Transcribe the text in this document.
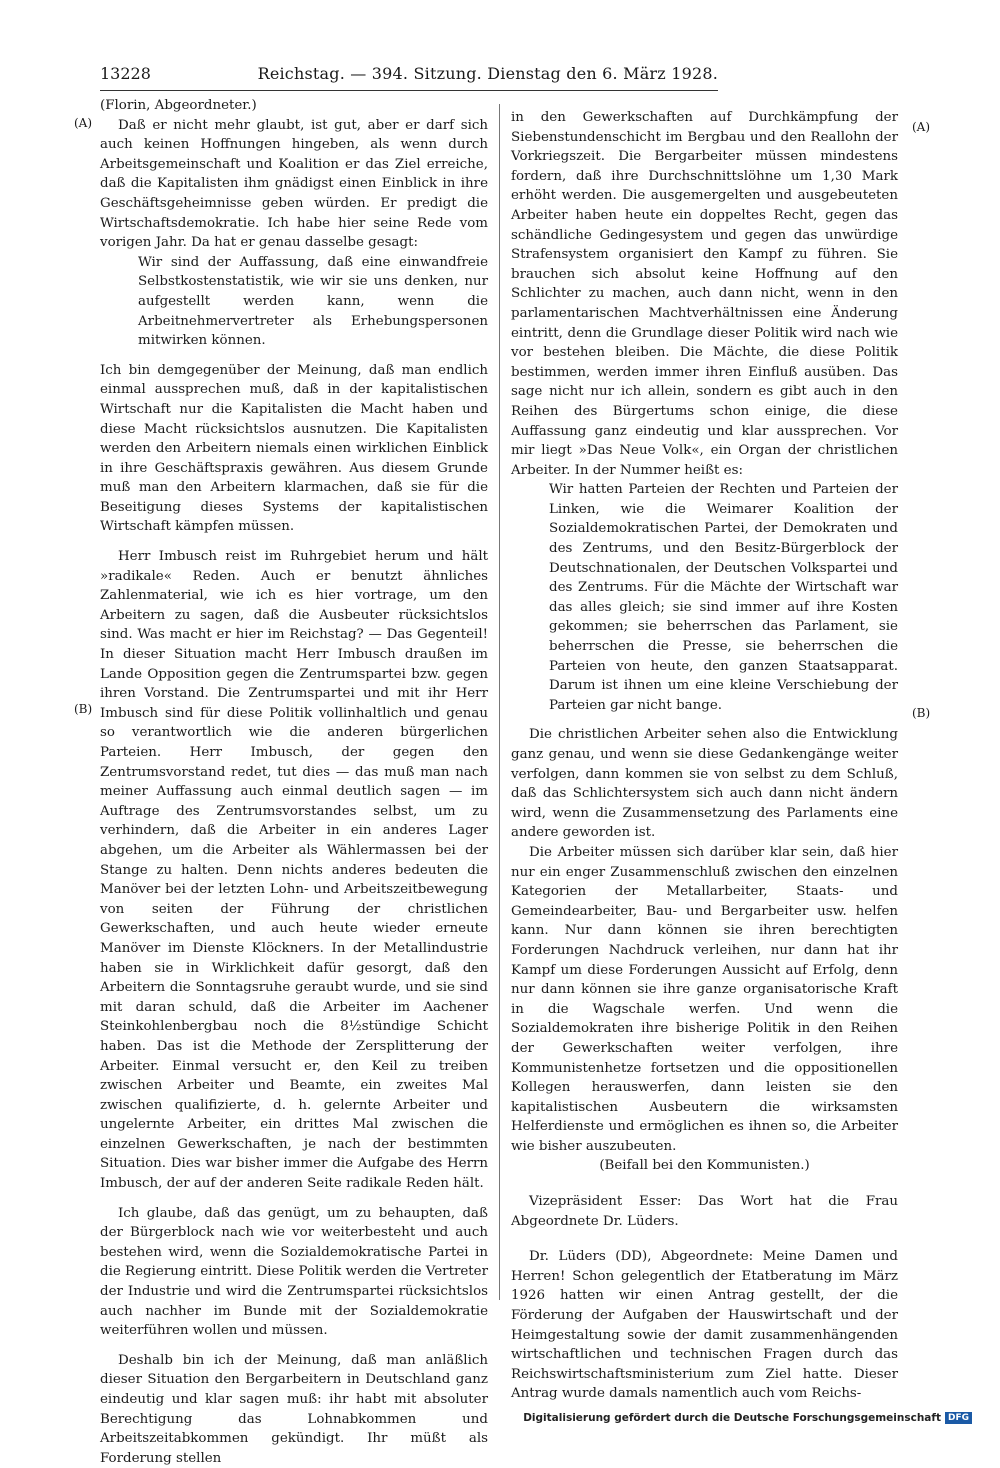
13228	Reichstag. — 394. Sitzung. Dienstag den 6. März 1928.
(A)	(A)
(B)	(B)

(Florin, Abgeordneter.)

Daß er nicht mehr glaubt, ist gut, aber er darf sich auch keinen Hoffnungen hingeben, als wenn durch Arbeitsgemeinschaft und Koalition er das Ziel erreiche, daß die Kapitalisten ihm gnädigst einen Einblick in ihre Geschäftsgeheimnisse geben würden. Er predigt die Wirtschaftsdemokratie. Ich habe hier seine Rede vom vorigen Jahr. Da hat er genau dasselbe gesagt:

Wir sind der Auffassung, daß eine einwandfreie Selbstkostenstatistik, wie wir sie uns denken, nur aufgestellt werden kann, wenn die Arbeitnehmervertreter als Erhebungspersonen mitwirken können.

Ich bin demgegenüber der Meinung, daß man endlich einmal aussprechen muß, daß in der kapitalistischen Wirtschaft nur die Kapitalisten die Macht haben und diese Macht rücksichtslos ausnutzen. Die Kapitalisten werden den Arbeitern niemals einen wirklichen Einblick in ihre Geschäftspraxis gewähren. Aus diesem Grunde muß man den Arbeitern klarmachen, daß sie für die Beseitigung dieses Systems der kapitalistischen Wirtschaft kämpfen müssen.

Herr Imbusch reist im Ruhrgebiet herum und hält »radikale« Reden. Auch er benutzt ähnliches Zahlenmaterial, wie ich es hier vortrage, um den Arbeitern zu sagen, daß die Ausbeuter rücksichtslos sind. Was macht er hier im Reichstag? — Das Gegenteil! In dieser Situation macht Herr Imbusch draußen im Lande Opposition gegen die Zentrumspartei bzw. gegen ihren Vorstand. Die Zentrumspartei und mit ihr Herr Imbusch sind für diese Politik vollinhaltlich und genau so verantwortlich wie die anderen bürgerlichen Parteien. Herr Imbusch, der gegen den Zentrumsvorstand redet, tut dies — das muß man nach meiner Auffassung auch einmal deutlich sagen — im Auftrage des Zentrumsvorstandes selbst, um zu verhindern, daß die Arbeiter in ein anderes Lager abgehen, um die Arbeiter als Wählermassen bei der Stange zu halten. Denn nichts anderes bedeuten die Manöver bei der letzten Lohn- und Arbeitszeitbewegung von seiten der Führung der christlichen Gewerkschaften, und auch heute wieder erneute Manöver im Dienste Klöckners. In der Metallindustrie haben sie in Wirklichkeit dafür gesorgt, daß den Arbeitern die Sonntagsruhe geraubt wurde, und sie sind mit daran schuld, daß die Arbeiter im Aachener Steinkohlenbergbau noch die 8½stündige Schicht haben. Das ist die Methode der Zersplitterung der Arbeiter. Einmal versucht er, den Keil zu treiben zwischen Arbeiter und Beamte, ein zweites Mal zwischen qualifizierte, d. h. gelernte Arbeiter und ungelernte Arbeiter, ein drittes Mal zwischen die einzelnen Gewerkschaften, je nach der bestimmten Situation. Dies war bisher immer die Aufgabe des Herrn Imbusch, der auf der anderen Seite radikale Reden hält.

Ich glaube, daß das genügt, um zu behaupten, daß der Bürgerblock nach wie vor weiterbesteht und auch bestehen wird, wenn die Sozialdemokratische Partei in die Regierung eintritt. Diese Politik werden die Vertreter der Industrie und wird die Zentrumspartei rücksichtslos auch nachher im Bunde mit der Sozialdemokratie weiterführen wollen und müssen.

Deshalb bin ich der Meinung, daß man anläßlich dieser Situation den Bergarbeitern in Deutschland ganz eindeutig und klar sagen muß: ihr habt mit absoluter Berechtigung das Lohnabkommen und Arbeitszeitabkommen gekündigt. Ihr müßt als Forderung stellen

in den Gewerkschaften auf Durchkämpfung der Siebenstundenschicht im Bergbau und den Reallohn der Vorkriegszeit. Die Bergarbeiter müssen mindestens fordern, daß ihre Durchschnittslöhne um 1,30 Mark erhöht werden. Die ausgemergelten und ausgebeuteten Arbeiter haben heute ein doppeltes Recht, gegen das schändliche Gedingesystem und gegen das unwürdige Strafensystem organisiert den Kampf zu führen. Sie brauchen sich absolut keine Hoffnung auf den Schlichter zu machen, auch dann nicht, wenn in den parlamentarischen Machtverhältnissen eine Änderung eintritt, denn die Grundlage dieser Politik wird nach wie vor bestehen bleiben. Die Mächte, die diese Politik bestimmen, werden immer ihren Einfluß ausüben. Das sage nicht nur ich allein, sondern es gibt auch in den Reihen des Bürgertums schon einige, die diese Auffassung ganz eindeutig und klar aussprechen. Vor mir liegt »Das Neue Volk«, ein Organ der christlichen Arbeiter. In der Nummer heißt es:

Wir hatten Parteien der Rechten und Parteien der Linken, wie die Weimarer Koalition der Sozialdemokratischen Partei, der Demokraten und des Zentrums, und den Besitz-Bürgerblock der Deutschnationalen, der Deutschen Volkspartei und des Zentrums. Für die Mächte der Wirtschaft war das alles gleich; sie sind immer auf ihre Kosten gekommen; sie beherrschen das Parlament, sie beherrschen die Presse, sie beherrschen die Parteien von heute, den ganzen Staatsapparat. Darum ist ihnen um eine kleine Verschiebung der Parteien gar nicht bange.

Die christlichen Arbeiter sehen also die Entwicklung ganz genau, und wenn sie diese Gedankengänge weiter verfolgen, dann kommen sie von selbst zu dem Schluß, daß das Schlichtersystem sich auch dann nicht ändern wird, wenn die Zusammensetzung des Parlaments eine andere geworden ist.

Die Arbeiter müssen sich darüber klar sein, daß hier nur ein enger Zusammenschluß zwischen den einzelnen Kategorien der Metallarbeiter, Staats- und Gemeindearbeiter, Bau- und Bergarbeiter usw. helfen kann. Nur dann können sie ihren berechtigten Forderungen Nachdruck verleihen, nur dann hat ihr Kampf um diese Forderungen Aussicht auf Erfolg, denn nur dann können sie ihre ganze organisatorische Kraft in die Wagschale werfen. Und wenn die Sozialdemokraten ihre bisherige Politik in den Reihen der Gewerkschaften weiter verfolgen, ihre Kommunistenhetze fortsetzen und die oppositionellen Kollegen herauswerfen, dann leisten sie den kapitalistischen Ausbeutern die wirksamsten Helferdienste und ermöglichen es ihnen so, die Arbeiter wie bisher auszubeuten.

(Beifall bei den Kommunisten.)

Vizepräsident Esser: Das Wort hat die Frau Abgeordnete Dr. Lüders.

Dr. Lüders (DD), Abgeordnete: Meine Damen und Herren! Schon gelegentlich der Etatberatung im März 1926 hatten wir einen Antrag gestellt, der die Förderung der Aufgaben der Hauswirtschaft und der Heimgestaltung sowie der damit zusammenhängenden wirtschaftlichen und technischen Fragen durch das Reichswirtschaftsministerium zum Ziel hatte. Dieser Antrag wurde damals namentlich auch vom Reichs-

Digitalisierung gefördert durch die Deutsche Forschungsgemeinschaft DFG
